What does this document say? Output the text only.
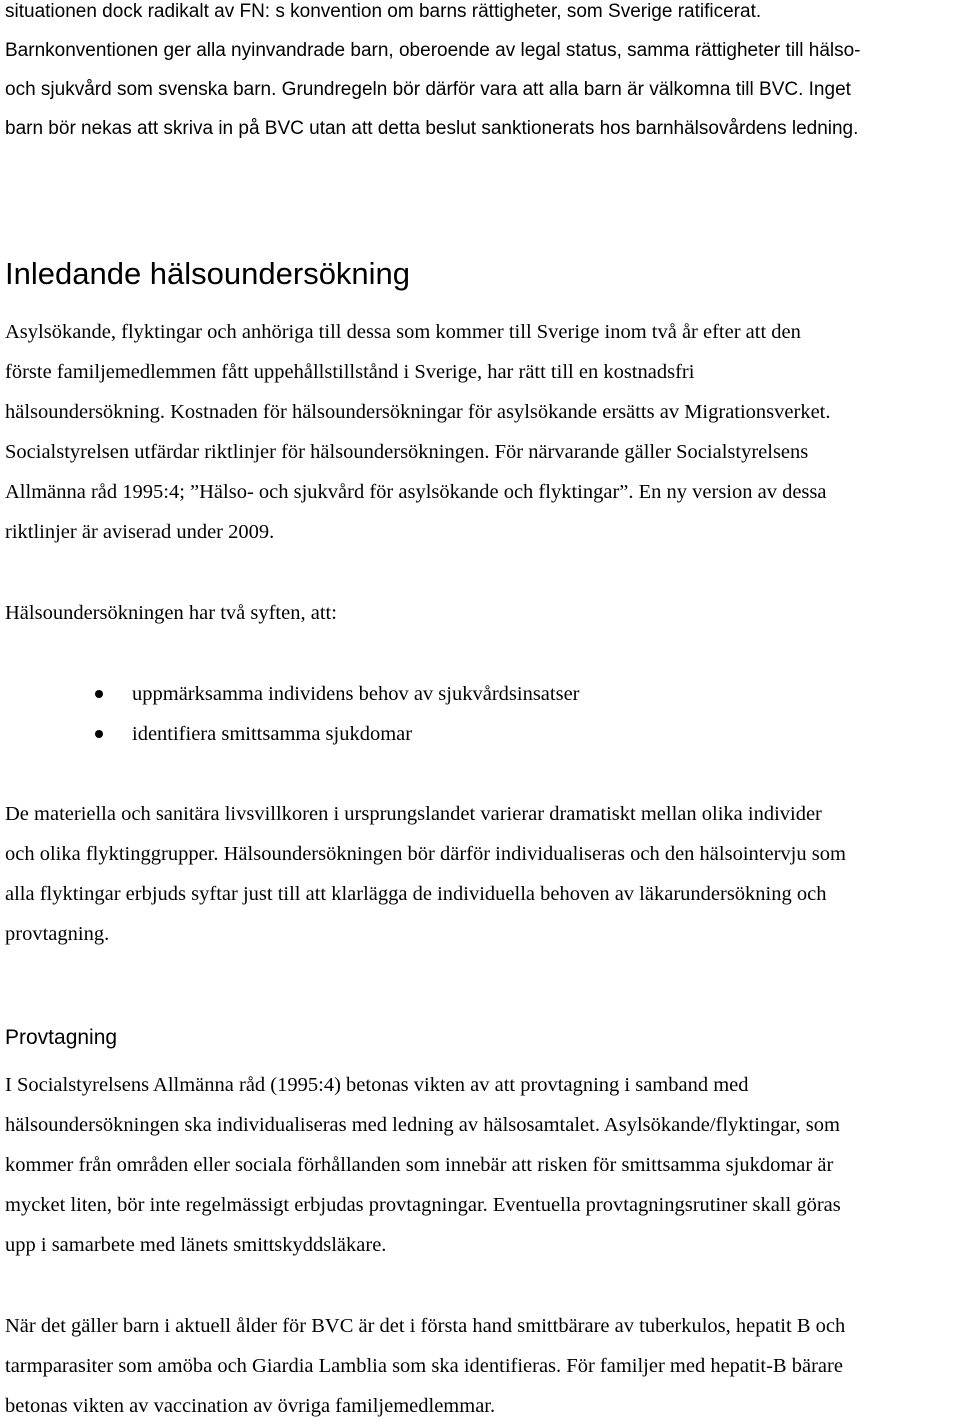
situationen dock radikalt av FN: s konvention om barns rättigheter, som Sverige ratificerat.
Barnkonventionen ger alla nyinvandrade barn, oberoende av legal status, samma rättigheter till hälso-
och sjukvård som svenska barn. Grundregeln bör därför vara att alla barn är välkomna till BVC. Inget
barn bör nekas att skriva in på BVC utan att detta beslut sanktionerats hos barnhälsovårdens ledning.
Inledande hälsoundersökning
Asylsökande, flyktingar och anhöriga till dessa som kommer till Sverige inom två år efter att den
förste familjemedlemmen fått uppehållstillstånd i Sverige, har rätt till en kostnadsfri
hälsoundersökning. Kostnaden för hälsoundersökningar för asylsökande ersätts av Migrationsverket.
Socialstyrelsen utfärdar riktlinjer för hälsoundersökningen. För närvarande gäller Socialstyrelsens
Allmänna råd 1995:4; ”Hälso- och sjukvård för asylsökande och flyktingar”. En ny version av dessa
riktlinjer är aviserad under 2009.
Hälsoundersökningen har två syften, att:
uppmärksamma individens behov av sjukvårdsinsatser
identifiera smittsamma sjukdomar
De materiella och sanitära livsvillkoren i ursprungslandet varierar dramatiskt mellan olika individer
och olika flyktinggrupper. Hälsoundersökningen bör därför individualiseras och den hälsointervju som
alla flyktingar erbjuds syftar just till att klarlägga de individuella behoven av läkarundersökning och
provtagning.
Provtagning
I Socialstyrelsens Allmänna råd (1995:4) betonas vikten av att provtagning i samband med
hälsoundersökningen ska individualiseras med ledning av hälsosamtalet. Asylsökande/flyktingar, som
kommer från områden eller sociala förhållanden som innebär att risken för smittsamma sjukdomar är
mycket liten, bör inte regelmässigt erbjudas provtagningar. Eventuella provtagningsrutiner skall göras
upp i samarbete med länets smittskyddsläkare.
När det gäller barn i aktuell ålder för BVC är det i första hand smittbärare av tuberkulos, hepatit B och
tarmparasiter som amöba och Giardia Lamblia som ska identifieras. För familjer med hepatit-B bärare
betonas vikten av vaccination av övriga familjemedlemmar.
